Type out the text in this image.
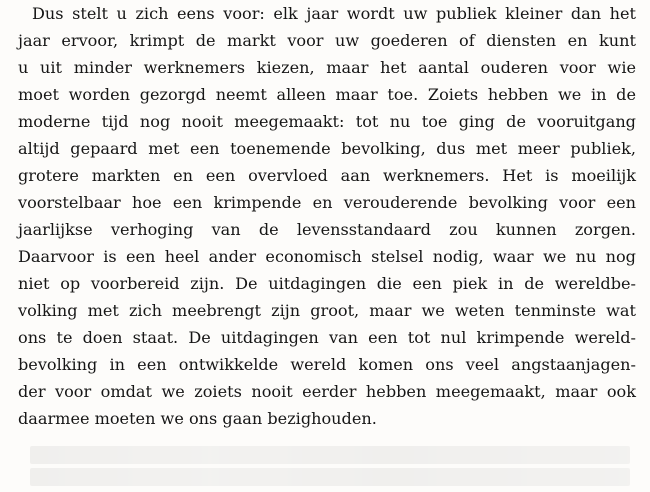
Dus stelt u zich eens voor: elk jaar wordt uw publiek kleiner dan het
jaar ervoor, krimpt de markt voor uw goederen of diensten en kunt
u uit minder werknemers kiezen, maar het aantal ouderen voor wie
moet worden gezorgd neemt alleen maar toe. Zoiets hebben we in de
moderne tijd nog nooit meegemaakt: tot nu toe ging de vooruitgang
altijd gepaard met een toenemende bevolking, dus met meer publiek,
grotere markten en een overvloed aan werknemers. Het is moeilijk
voorstelbaar hoe een krimpende en verouderende bevolking voor een
jaarlijkse verhoging van de levensstandaard zou kunnen zorgen.
Daarvoor is een heel ander economisch stelsel nodig, waar we nu nog
niet op voorbereid zijn. De uitdagingen die een piek in de wereldbe-
volking met zich meebrengt zijn groot, maar we weten tenminste wat
ons te doen staat. De uitdagingen van een tot nul krimpende wereld-
bevolking in een ontwikkelde wereld komen ons veel angstaanjagen-
der voor omdat we zoiets nooit eerder hebben meegemaakt, maar ook
daarmee moeten we ons gaan bezighouden.
